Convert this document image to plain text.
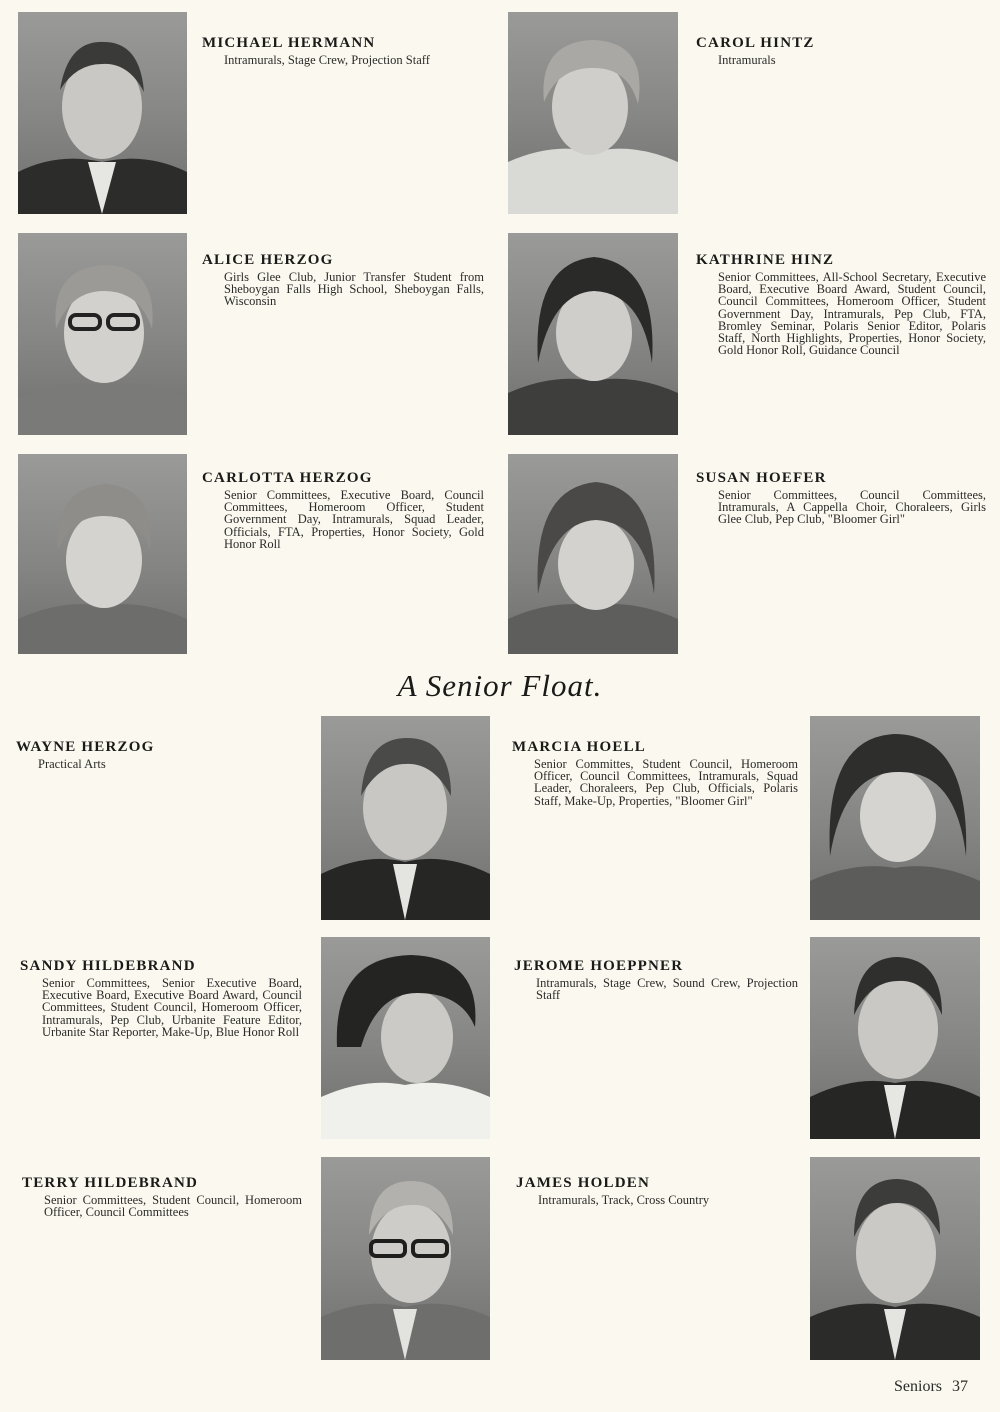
MICHAEL HERMANN

Intramurals, Stage Crew, Projection Staff

CAROL HINTZ

Intramurals

ALICE HERZOG

Girls Glee Club, Junior Transfer Student from Sheboygan Falls High School, Sheboygan Falls, Wisconsin

KATHRINE HINZ

Senior Committees, All-School Secretary, Executive Board, Executive Board Award, Student Council, Council Committees, Homeroom Officer, Student Government Day, Intramurals, Pep Club, FTA, Bromley Seminar, Polaris Senior Editor, Polaris Staff, North Highlights, Properties, Honor Society, Gold Honor Roll, Guidance Council

CARLOTTA HERZOG

Senior Committees, Executive Board, Council Committees, Homeroom Officer, Student Government Day, Intramurals, Squad Leader, Officials, FTA, Properties, Honor Society, Gold Honor Roll

SUSAN HOEFER

Senior Committees, Council Committees, Intramurals, A Cappella Choir, Choraleers, Girls Glee Club, Pep Club, "Bloomer Girl"

A Senior Float.

WAYNE HERZOG

Practical Arts

MARCIA HOELL

Senior Committes, Student Council, Homeroom Officer, Council Committees, Intramurals, Squad Leader, Choraleers, Pep Club, Officials, Polaris Staff, Make-Up, Properties, "Bloomer Girl"

SANDY HILDEBRAND

Senior Committees, Senior Executive Board, Executive Board, Executive Board Award, Council Committees, Student Council, Homeroom Officer, Intramurals, Pep Club, Urbanite Feature Editor, Urbanite Star Reporter, Make-Up, Blue Honor Roll

JEROME HOEPPNER

Intramurals, Stage Crew, Sound Crew, Projection Staff

TERRY HILDEBRAND

Senior Committees, Student Council, Homeroom Officer, Council Committees

JAMES HOLDEN

Intramurals, Track, Cross Country

Seniors 37
